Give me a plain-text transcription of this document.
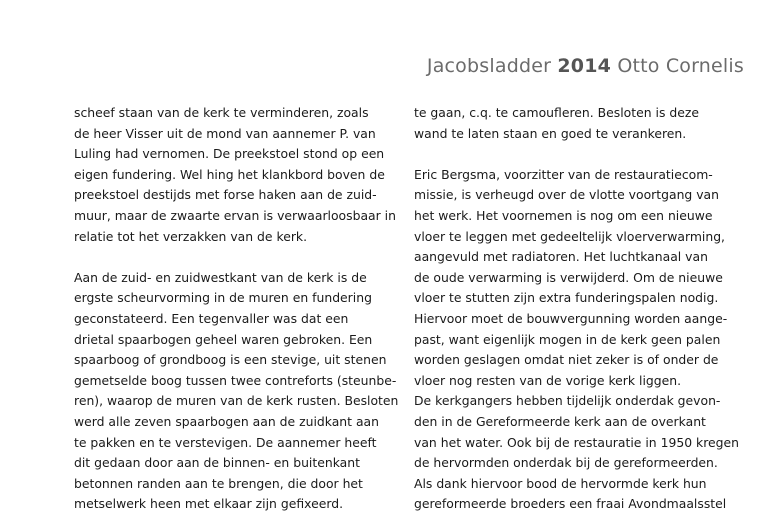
Jacobsladder 2014 Otto Cornelis
scheef staan van de kerk te verminderen, zoals
de heer Visser uit de mond van aannemer P. van
Luling had vernomen. De preekstoel stond op een
eigen fundering. Wel hing het klankbord boven de
preekstoel destijds met forse haken aan de zuid-
muur, maar de zwaarte ervan is verwaarloosbaar in
relatie tot het verzakken van de kerk.
Aan de zuid- en zuidwestkant van de kerk is de
ergste scheurvorming in de muren en fundering
geconstateerd. Een tegenvaller was dat een
drietal spaarbogen geheel waren gebroken. Een
spaarboog of grondboog is een stevige, uit stenen
gemetselde boog tussen twee contreforts (steunbe-
ren), waarop de muren van de kerk rusten. Besloten
werd alle zeven spaarbogen aan de zuidkant aan
te pakken en te verstevigen. De aannemer heeft
dit gedaan door aan de binnen- en buitenkant
betonnen randen aan te brengen, die door het
metselwerk heen met elkaar zijn gefixeerd.
te gaan, c.q. te camoufleren. Besloten is deze
wand te laten staan en goed te verankeren.
Eric Bergsma, voorzitter van de restauratiecom-
missie, is verheugd over de vlotte voortgang van
het werk. Het voornemen is nog om een nieuwe
vloer te leggen met gedeeltelijk vloerverwarming,
aangevuld met radiatoren. Het luchtkanaal van
de oude verwarming is verwijderd. Om de nieuwe
vloer te stutten zijn extra funderingspalen nodig.
Hiervoor moet de bouwvergunning worden aange-
past, want eigenlijk mogen in de kerk geen palen
worden geslagen omdat niet zeker is of onder de
vloer nog resten van de vorige kerk liggen.
De kerkgangers hebben tijdelijk onderdak gevon-
den in de Gereformeerde kerk aan de overkant
van het water. Ook bij de restauratie in 1950 kregen
de hervormden onderdak bij de gereformeerden.
Als dank hiervoor bood de hervormde kerk hun
gereformeerde broeders een fraai Avondmaalsstel
